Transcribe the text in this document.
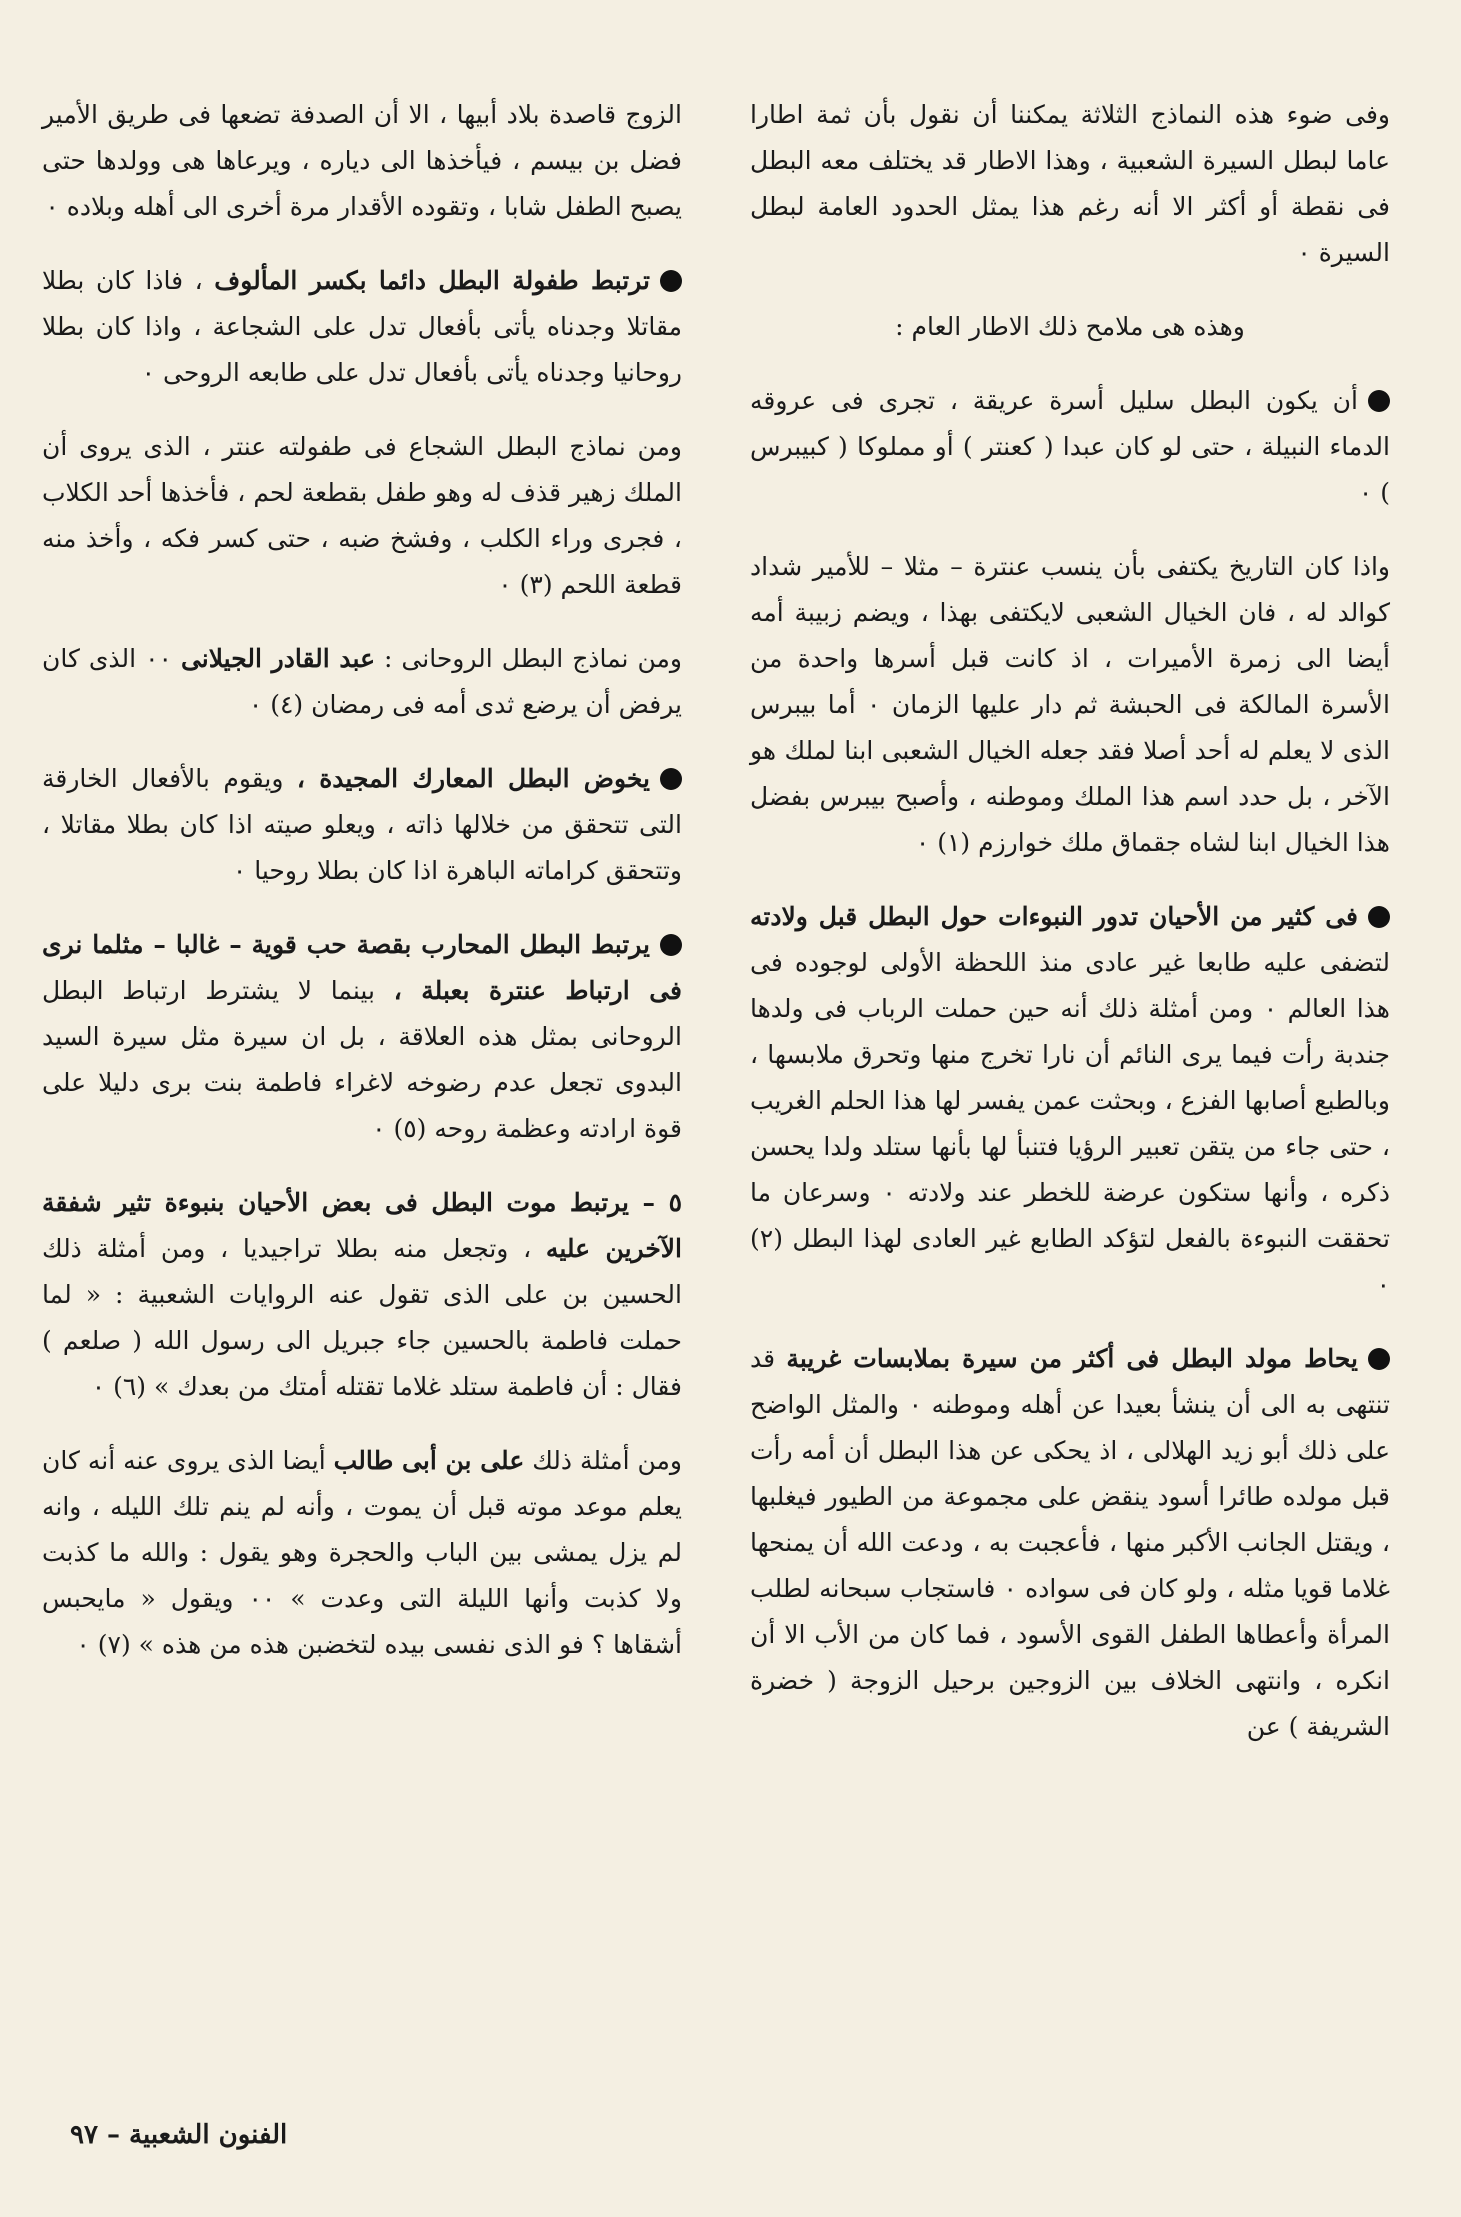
وفى ضوء هذه النماذج الثلاثة يمكننا أن نقول بأن ثمة اطارا عاما لبطل السيرة الشعبية ، وهذا الاطار قد يختلف معه البطل فى نقطة أو أكثر الا أنه رغم هذا يمثل الحدود العامة لبطل السيرة ٠

وهذه هى ملامح ذلك الاطار العام :

أن يكون البطل سليل أسرة عريقة ، تجرى فى عروقه الدماء النبيلة ، حتى لو كان عبدا ( كعنتر ) أو مملوكا ( كبيبرس ) ٠

واذا كان التاريخ يكتفى بأن ينسب عنترة – مثلا – للأمير شداد كوالد له ، فان الخيال الشعبى لايكتفى بهذا ، ويضم زبيبة أمه أيضا الى زمرة الأميرات ، اذ كانت قبل أسرها واحدة من الأسرة المالكة فى الحبشة ثم دار عليها الزمان ٠ أما بيبرس الذى لا يعلم له أحد أصلا فقد جعله الخيال الشعبى ابنا لملك هو الآخر ، بل حدد اسم هذا الملك وموطنه ، وأصبح بيبرس بفضل هذا الخيال ابنا لشاه جقماق ملك خوارزم (١) ٠

فى كثير من الأحيان تدور النبوءات حول البطل قبل ولادته لتضفى عليه طابعا غير عادى منذ اللحظة الأولى لوجوده فى هذا العالم ٠ ومن أمثلة ذلك أنه حين حملت الرباب فى ولدها جندبة رأت فيما يرى النائم أن نارا تخرج منها وتحرق ملابسها ، وبالطبع أصابها الفزع ، وبحثت عمن يفسر لها هذا الحلم الغريب ، حتى جاء من يتقن تعبير الرؤيا فتنبأ لها بأنها ستلد ولدا يحسن ذكره ، وأنها ستكون عرضة للخطر عند ولادته ٠ وسرعان ما تحققت النبوءة بالفعل لتؤكد الطابع غير العادى لهذا البطل (٢) ٠

يحاط مولد البطل فى أكثر من سيرة بملابسات غريبة قد تنتهى به الى أن ينشأ بعيدا عن أهله وموطنه ٠ والمثل الواضح على ذلك أبو زيد الهلالى ، اذ يحكى عن هذا البطل أن أمه رأت قبل مولده طائرا أسود ينقض على مجموعة من الطيور فيغلبها ، ويقتل الجانب الأكبر منها ، فأعجبت به ، ودعت الله أن يمنحها غلاما قويا مثله ، ولو كان فى سواده ٠ فاستجاب سبحانه لطلب المرأة وأعطاها الطفل القوى الأسود ، فما كان من الأب الا أن انكره ، وانتهى الخلاف بين الزوجين برحيل الزوجة ( خضرة الشريفة ) عن

الزوج قاصدة بلاد أبيها ، الا أن الصدفة تضعها فى طريق الأمير فضل بن بيسم ، فيأخذها الى دياره ، ويرعاها هى وولدها حتى يصبح الطفل شابا ، وتقوده الأقدار مرة أخرى الى أهله وبلاده ٠

ترتبط طفولة البطل دائما بكسر المألوف ، فاذا كان بطلا مقاتلا وجدناه يأتى بأفعال تدل على الشجاعة ، واذا كان بطلا روحانيا وجدناه يأتى بأفعال تدل على طابعه الروحى ٠

ومن نماذج البطل الشجاع فى طفولته عنتر ، الذى يروى أن الملك زهير قذف له وهو طفل بقطعة لحم ، فأخذها أحد الكلاب ، فجرى وراء الكلب ، وفشخ ضبه ، حتى كسر فكه ، وأخذ منه قطعة اللحم (٣) ٠

ومن نماذج البطل الروحانى : عبد القادر الجيلانى ٠٠ الذى كان يرفض أن يرضع ثدى أمه فى رمضان (٤) ٠

يخوض البطل المعارك المجيدة ، ويقوم بالأفعال الخارقة التى تتحقق من خلالها ذاته ، ويعلو صيته اذا كان بطلا مقاتلا ، وتتحقق كراماته الباهرة اذا كان بطلا روحيا ٠

يرتبط البطل المحارب بقصة حب قوية – غالبا – مثلما نرى فى ارتباط عنترة بعبلة ، بينما لا يشترط ارتباط البطل الروحانى بمثل هذه العلاقة ، بل ان سيرة مثل سيرة السيد البدوى تجعل عدم رضوخه لاغراء فاطمة بنت برى دليلا على قوة ارادته وعظمة روحه (٥) ٠

٥ – يرتبط موت البطل فى بعض الأحيان بنبوءة تثير شفقة الآخرين عليه ، وتجعل منه بطلا تراجيديا ، ومن أمثلة ذلك الحسين بن على الذى تقول عنه الروايات الشعبية : « لما حملت فاطمة بالحسين جاء جبريل الى رسول الله ( صلعم ) فقال : أن فاطمة ستلد غلاما تقتله أمتك من بعدك » (٦) ٠

ومن أمثلة ذلك على بن أبى طالب أيضا الذى يروى عنه أنه كان يعلم موعد موته قبل أن يموت ، وأنه لم ينم تلك الليله ، وانه لم يزل يمشى بين الباب والحجرة وهو يقول : والله ما كذبت ولا كذبت وأنها الليلة التى وعدت » ٠٠ ويقول « مايحبس أشقاها ؟ فو الذى نفسى بيده لتخضبن هذه من هذه » (٧) ٠

الفنون الشعبية – ٩٧
